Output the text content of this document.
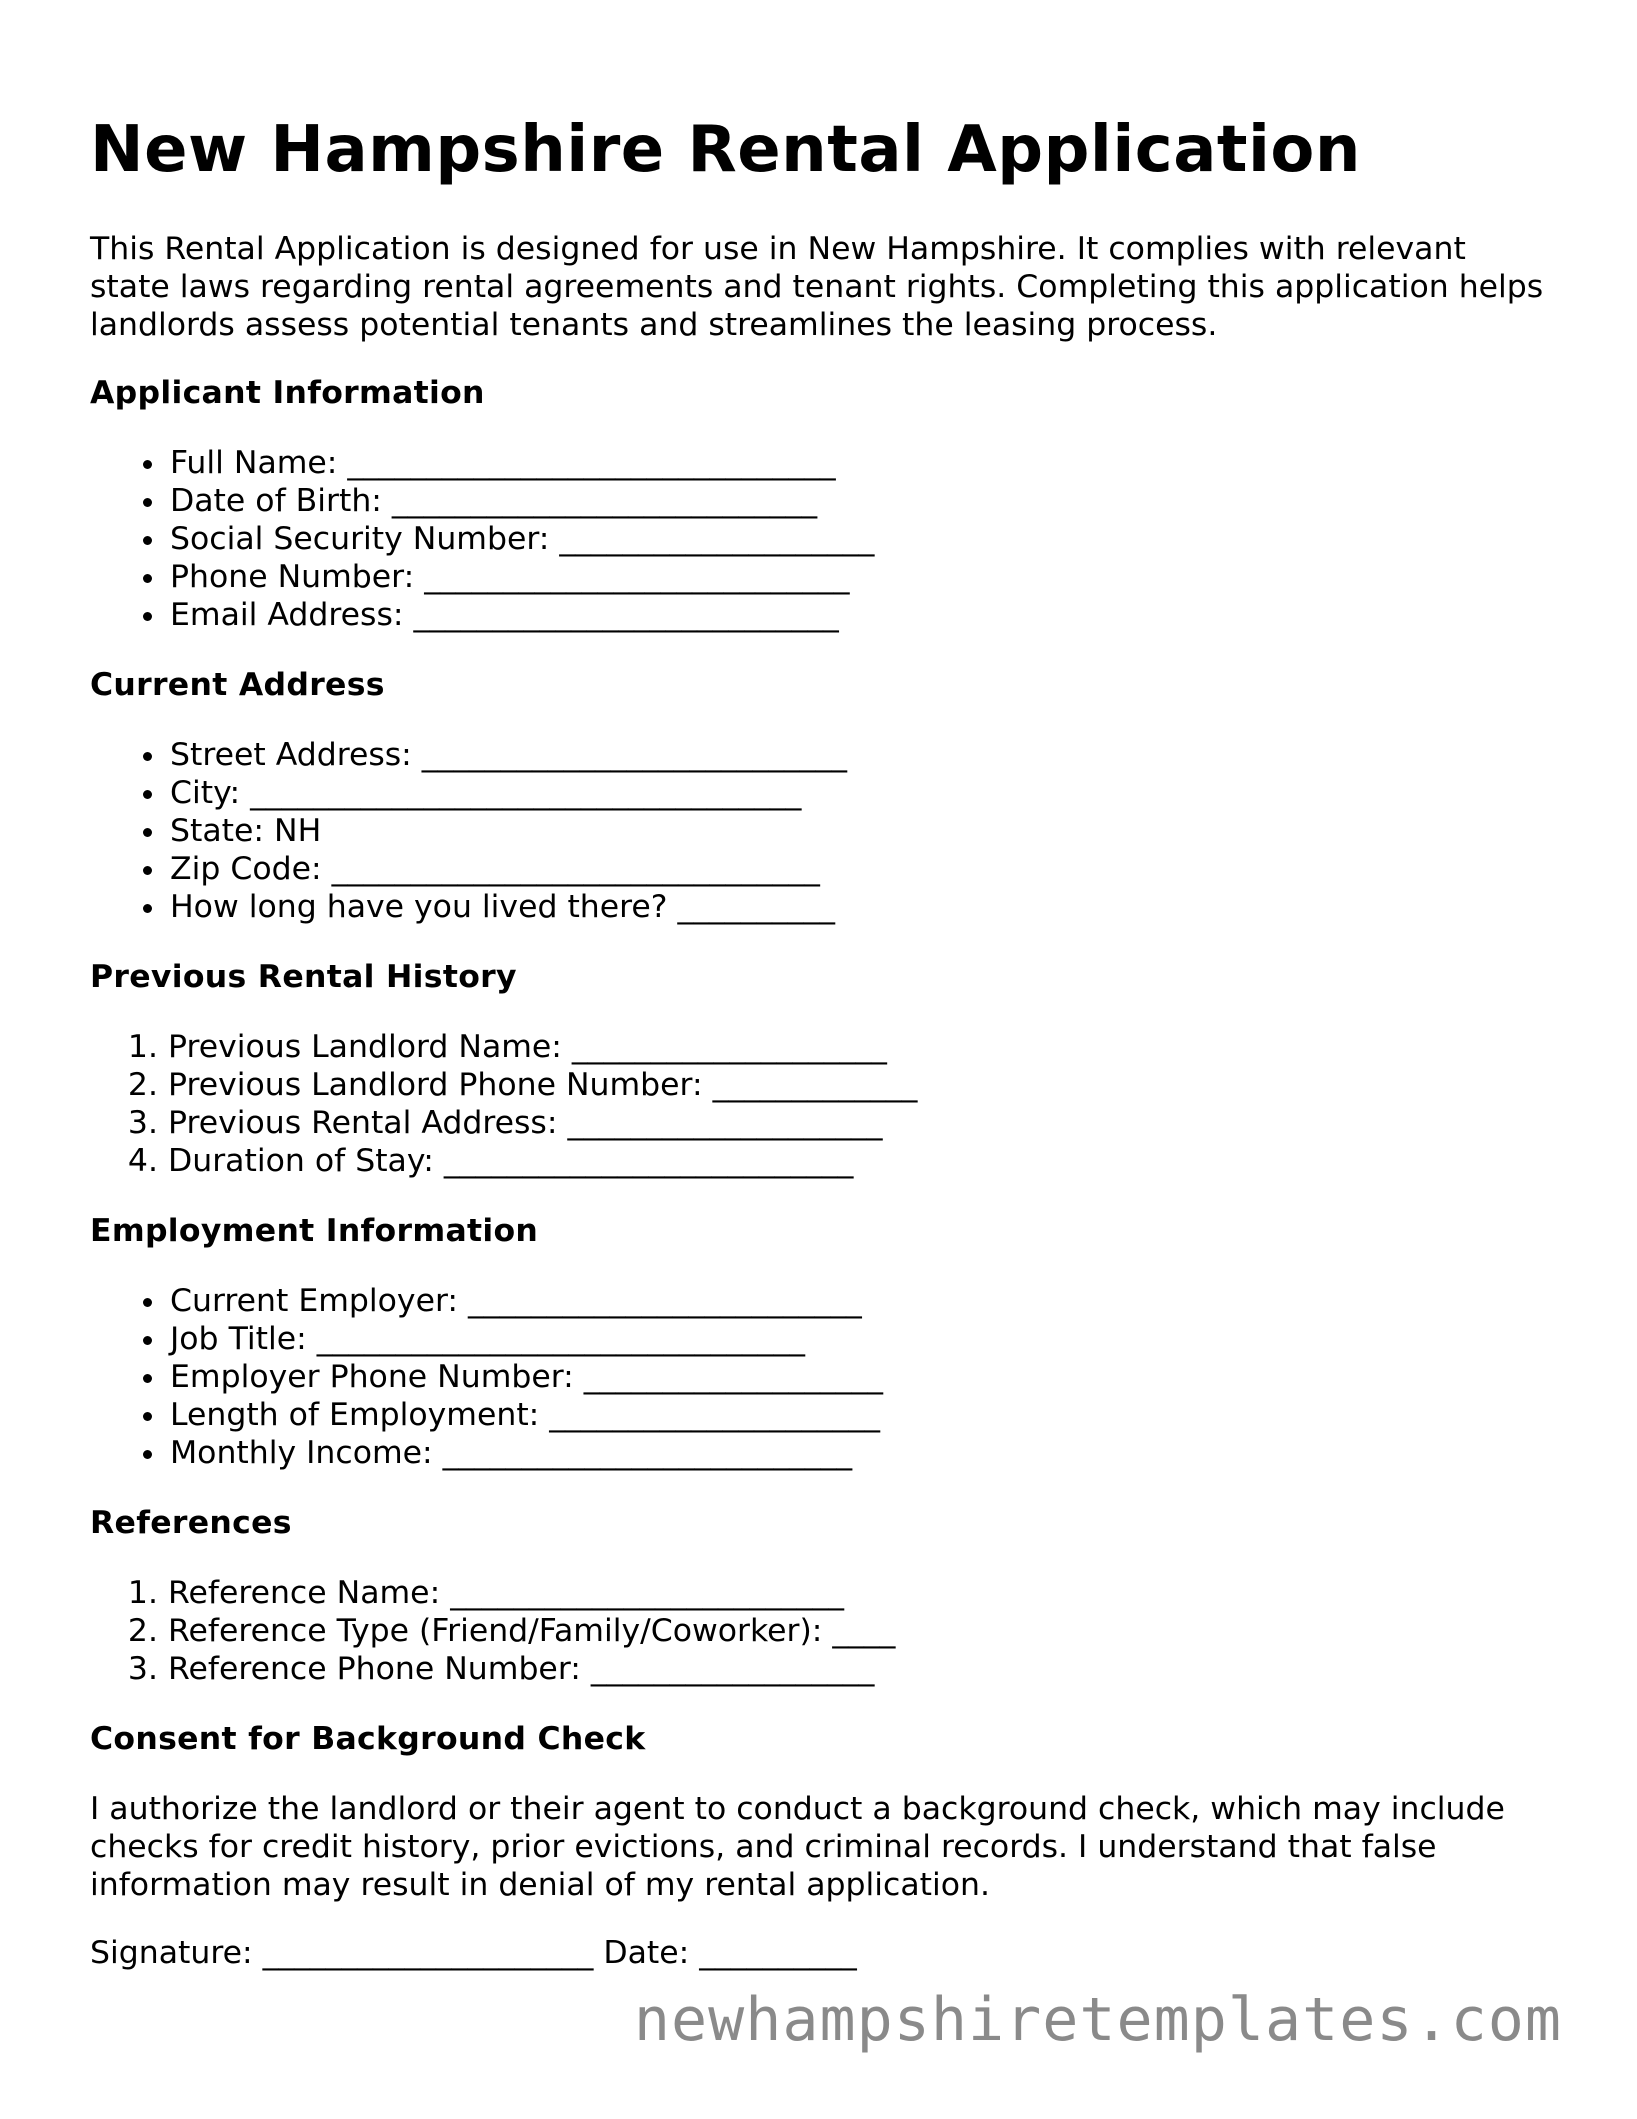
New Hampshire Rental Application

This Rental Application is designed for use in New Hampshire. It complies with relevant state laws regarding rental agreements and tenant rights. Completing this application helps landlords assess potential tenants and streamlines the leasing process.

Applicant Information
• Full Name: _______________________________
• Date of Birth: ___________________________
• Social Security Number: ____________________
• Phone Number: ___________________________
• Email Address: ___________________________
Current Address
• Street Address: ___________________________
• City: ___________________________________
• State: NH
• Zip Code: _______________________________
• How long have you lived there? __________
Previous Rental History
1. Previous Landlord Name: ____________________
2. Previous Landlord Phone Number: _____________
3. Previous Rental Address: ____________________
4. Duration of Stay: __________________________
Employment Information
• Current Employer: _________________________
• Job Title: _______________________________
• Employer Phone Number: ___________________
• Length of Employment: _____________________
• Monthly Income: __________________________
References
1. Reference Name: _________________________
2. Reference Type (Friend/Family/Coworker): ____
3. Reference Phone Number: __________________
Consent for Background Check

I authorize the landlord or their agent to conduct a background check, which may include checks for credit history, prior evictions, and criminal records. I understand that false information may result in denial of my rental application.

Signature: _____________________ Date: __________

newhampshiretemplates.com
